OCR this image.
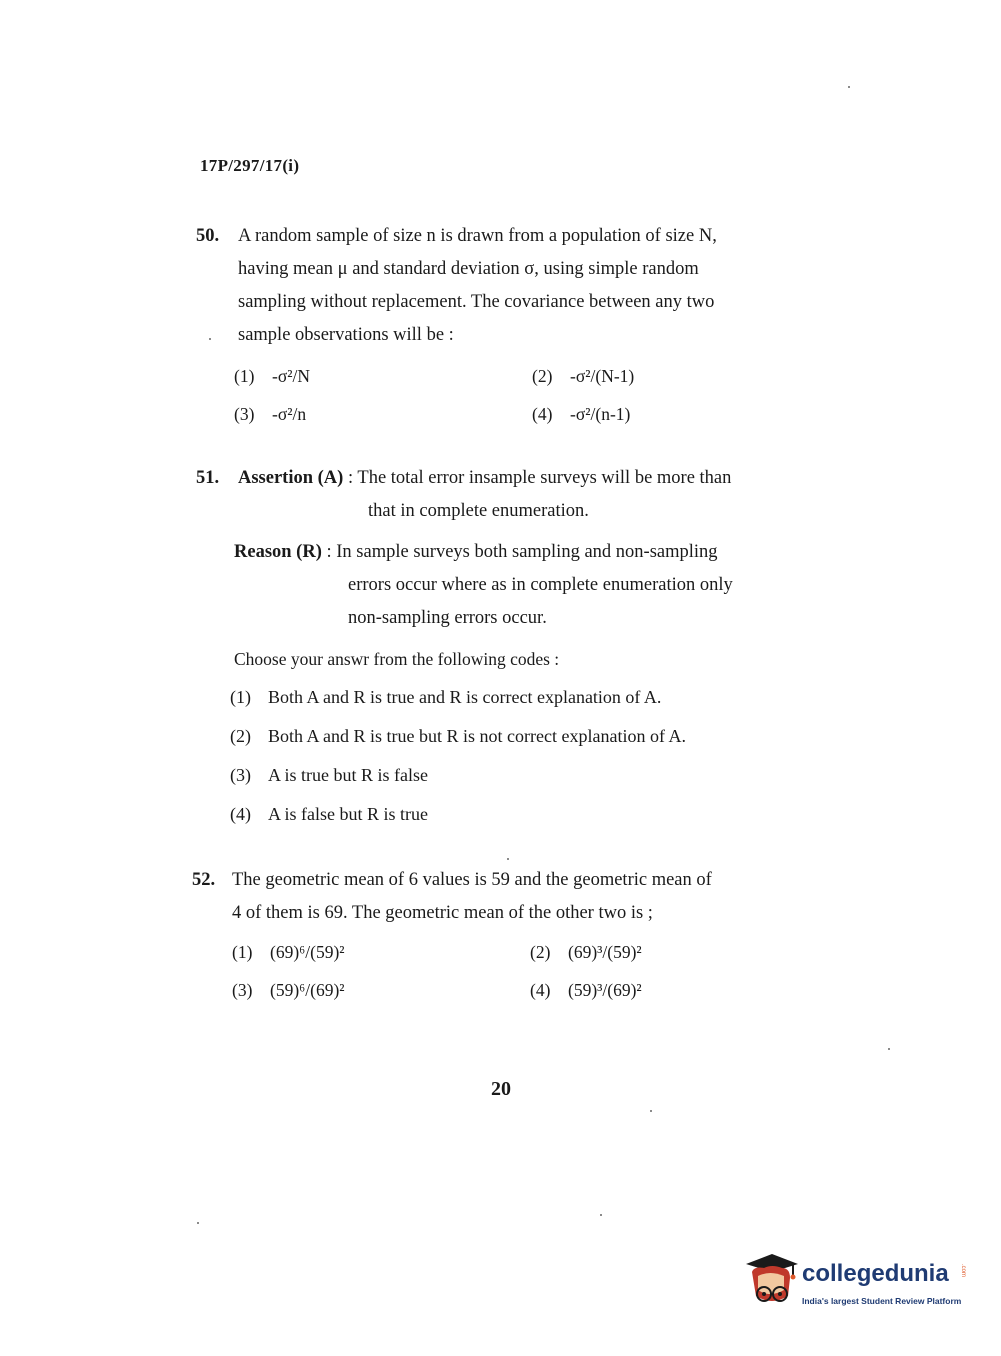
17P/297/17(i)
50. A random sample of size n is drawn from a population of size N,
having mean μ and standard deviation σ, using simple random
sampling without replacement. The covariance between any two
sample observations will be :
(1) -σ²/N	(2) -σ²/(N-1)
(3) -σ²/n	(4) -σ²/(n-1)
51. Assertion (A) : The total error insample surveys will be more than
that in complete enumeration.
Reason (R) : In sample surveys both sampling and non-sampling
errors occur where as in complete enumeration only
non-sampling errors occur.
Choose your answr from the following codes :
(1) Both A and R is true and R is correct explanation of A.
(2) Both A and R is true but R is not correct explanation of A.
(3) A is true but R is false
(4) A is false but R is true
52. The geometric mean of 6 values is 59 and the geometric mean of
4 of them is 69. The geometric mean of the other two is ;
(1) (69)⁶/(59)²	(2) (69)³/(59)²
(3) (59)⁶/(69)²	(4) (59)³/(69)²
20
collegedunia .com
India's largest Student Review Platform
